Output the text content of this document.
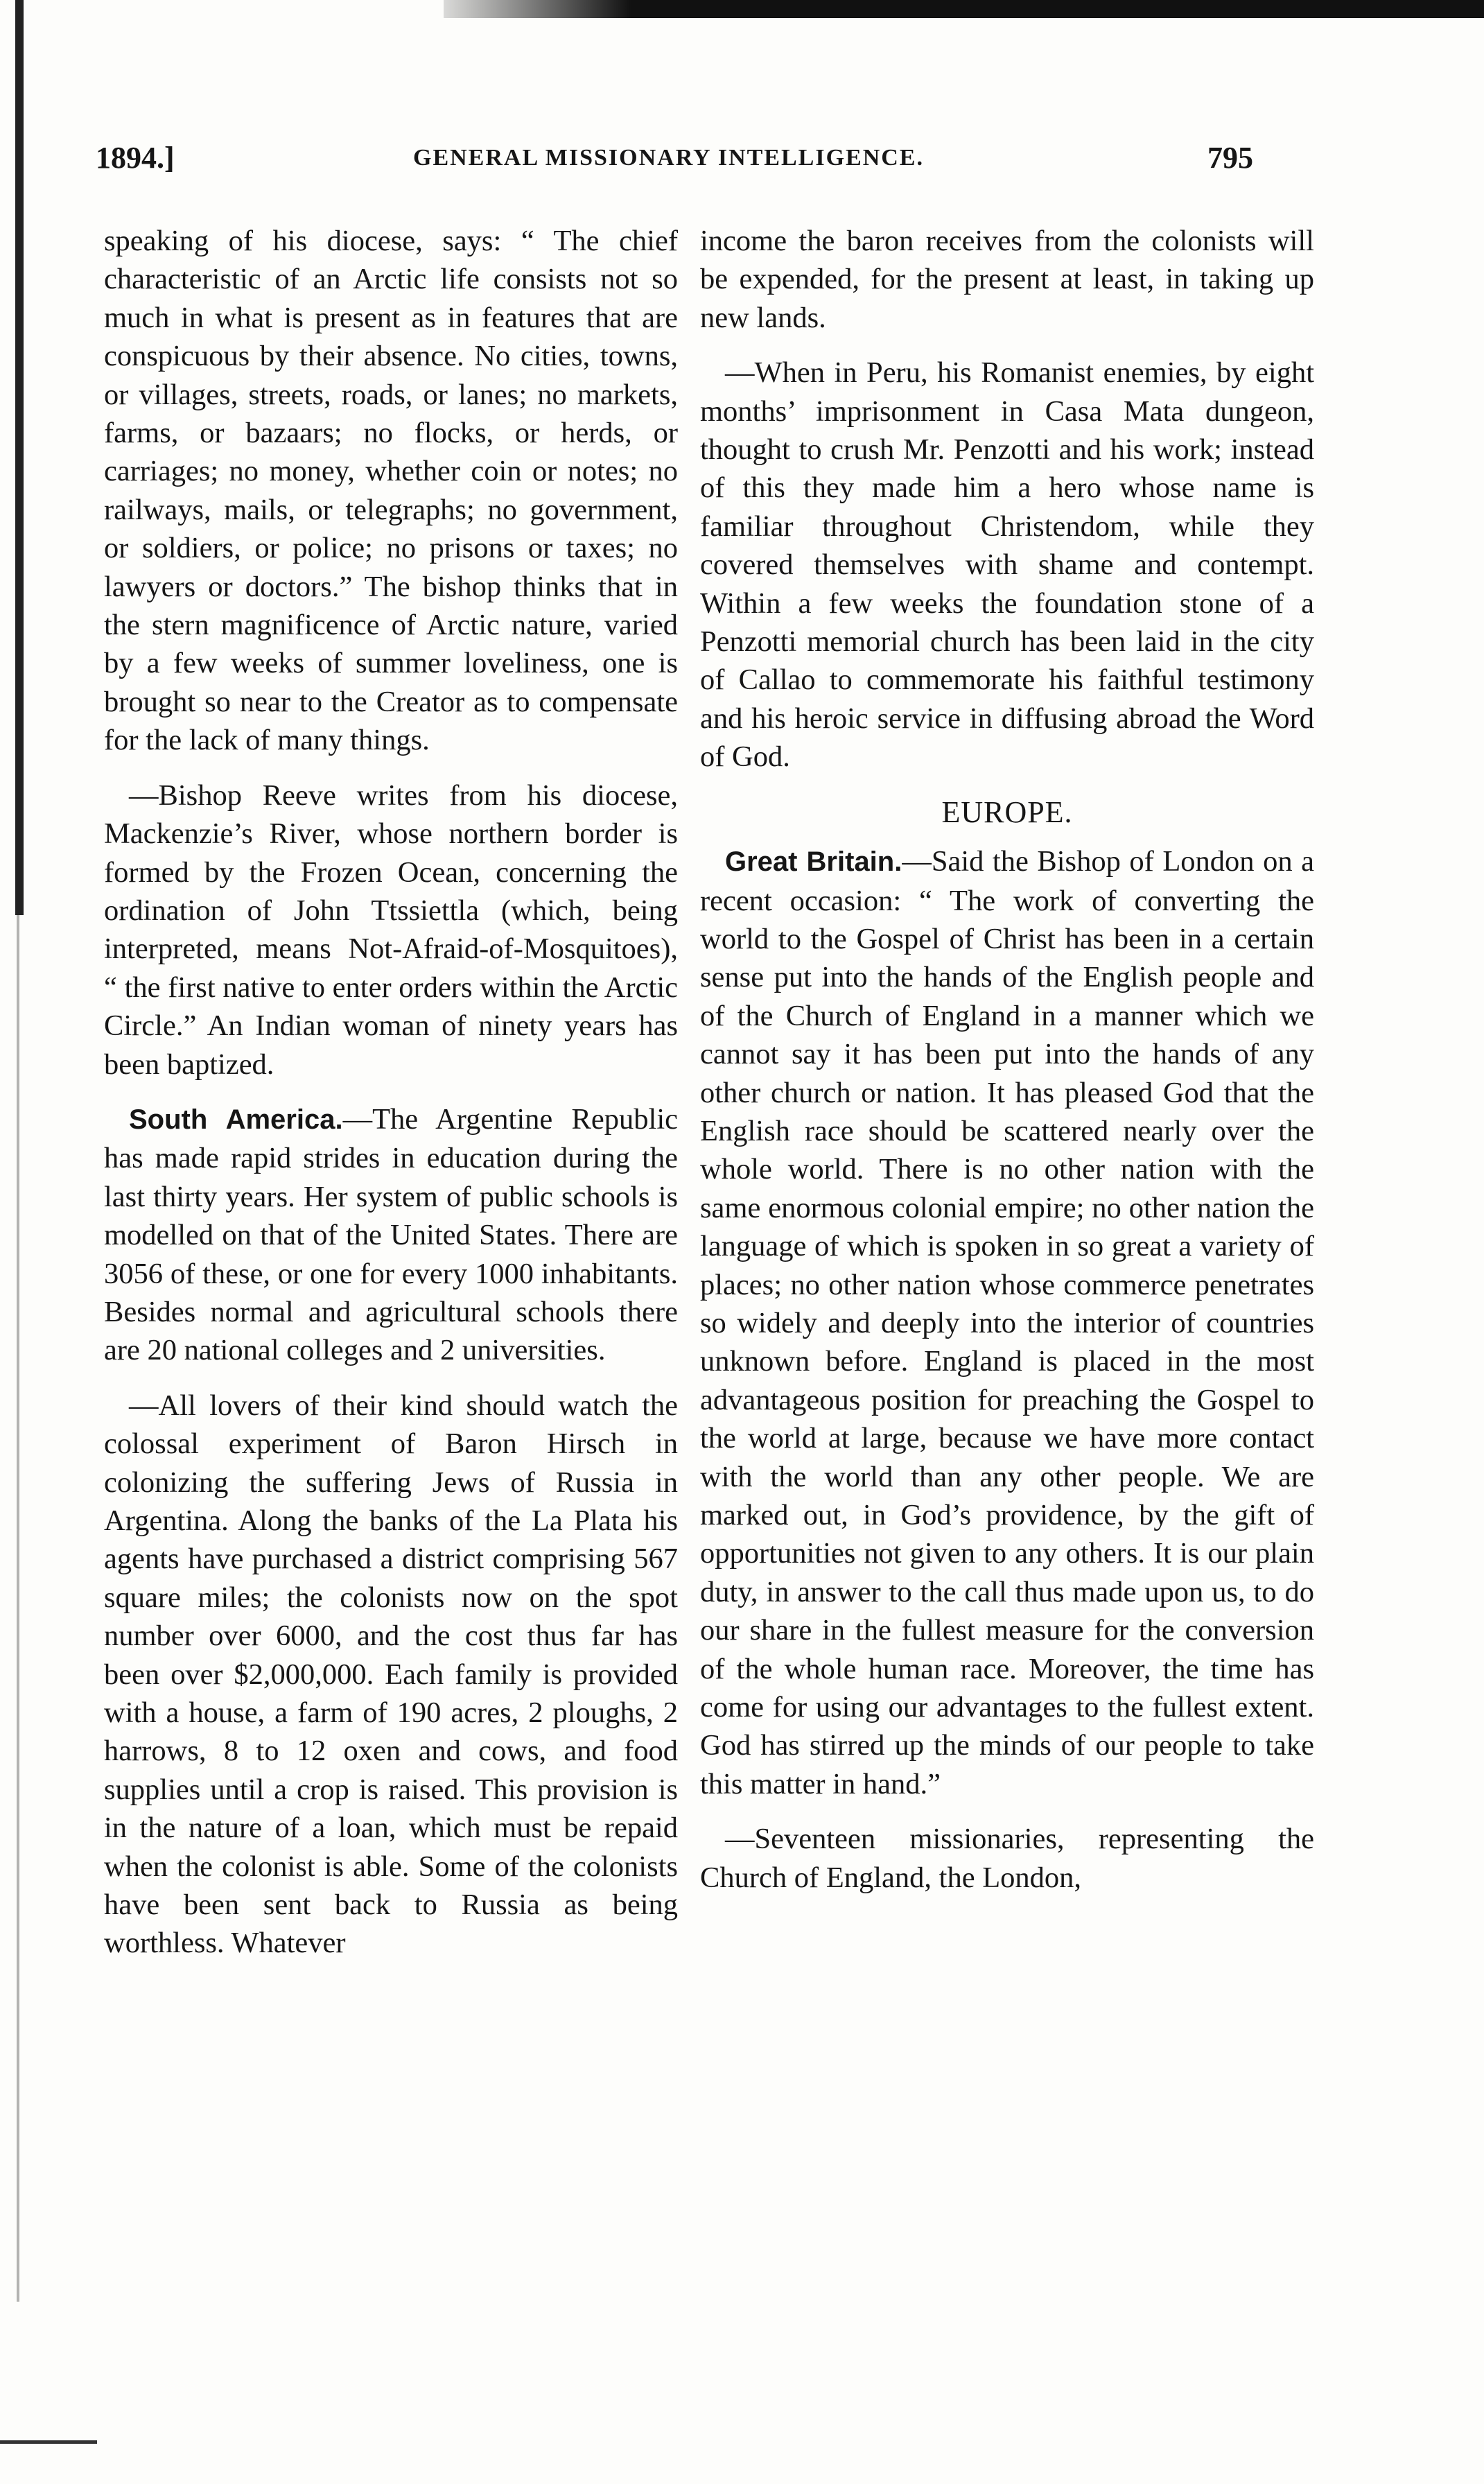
1894.]	GENERAL MISSIONARY INTELLIGENCE.	795

speaking of his diocese, says: “ The chief characteristic of an Arctic life consists not so much in what is present as in features that are conspicuous by their absence. No cities, towns, or villages, streets, roads, or lanes; no markets, farms, or bazaars; no flocks, or herds, or carriages; no money, whether coin or notes; no railways, mails, or telegraphs; no government, or soldiers, or police; no prisons or taxes; no lawyers or doctors.” The bishop thinks that in the stern magnificence of Arctic nature, varied by a few weeks of summer loveliness, one is brought so near to the Creator as to compensate for the lack of many things.

—Bishop Reeve writes from his diocese, Mackenzie’s River, whose northern border is formed by the Frozen Ocean, concerning the ordination of John Ttssiettla (which, being interpreted, means Not-Afraid-of-Mosquitoes), “ the first native to enter orders within the Arctic Circle.” An Indian woman of ninety years has been baptized.

South America.—The Argentine Republic has made rapid strides in education during the last thirty years. Her system of public schools is modelled on that of the United States. There are 3056 of these, or one for every 1000 inhabitants. Besides normal and agricultural schools there are 20 national colleges and 2 universities.

—All lovers of their kind should watch the colossal experiment of Baron Hirsch in colonizing the suffering Jews of Russia in Argentina. Along the banks of the La Plata his agents have purchased a district comprising 567 square miles; the colonists now on the spot number over 6000, and the cost thus far has been over $2,000,000. Each family is provided with a house, a farm of 190 acres, 2 ploughs, 2 harrows, 8 to 12 oxen and cows, and food supplies until a crop is raised. This provision is in the nature of a loan, which must be repaid when the colonist is able. Some of the colonists have been sent back to Russia as being worthless. Whatever

income the baron receives from the colonists will be expended, for the present at least, in taking up new lands.

—When in Peru, his Romanist enemies, by eight months’ imprisonment in Casa Mata dungeon, thought to crush Mr. Penzotti and his work; instead of this they made him a hero whose name is familiar throughout Christendom, while they covered themselves with shame and contempt. Within a few weeks the foundation stone of a Penzotti memorial church has been laid in the city of Callao to commemorate his faithful testimony and his heroic service in diffusing abroad the Word of God.

EUROPE.

Great Britain.—Said the Bishop of London on a recent occasion: “ The work of converting the world to the Gospel of Christ has been in a certain sense put into the hands of the English people and of the Church of England in a manner which we cannot say it has been put into the hands of any other church or nation. It has pleased God that the English race should be scattered nearly over the whole world. There is no other nation with the same enormous colonial empire; no other nation the language of which is spoken in so great a variety of places; no other nation whose commerce penetrates so widely and deeply into the interior of countries unknown before. England is placed in the most advantageous position for preaching the Gospel to the world at large, because we have more contact with the world than any other people. We are marked out, in God’s providence, by the gift of opportunities not given to any others. It is our plain duty, in answer to the call thus made upon us, to do our share in the fullest measure for the conversion of the whole human race. Moreover, the time has come for using our advantages to the fullest extent. God has stirred up the minds of our people to take this matter in hand.”

—Seventeen missionaries, representing the Church of England, the London,
